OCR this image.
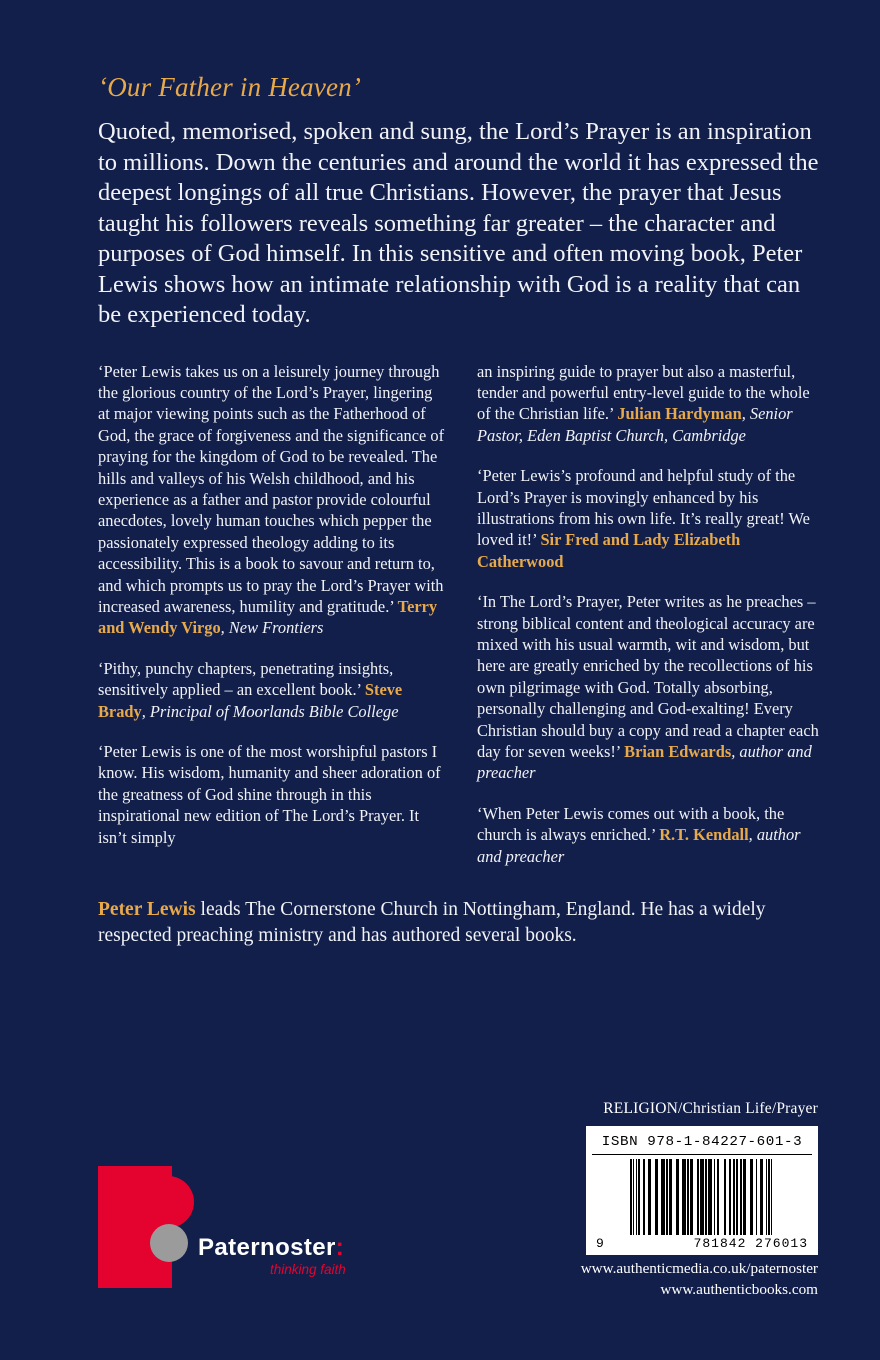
‘Our Father in Heaven’
Quoted, memorised, spoken and sung, the Lord’s Prayer is an inspiration to millions. Down the centuries and around the world it has expressed the deepest longings of all true Christians. However, the prayer that Jesus taught his followers reveals something far greater – the character and purposes of God himself. In this sensitive and often moving book, Peter Lewis shows how an intimate relationship with God is a reality that can be experienced today.

‘Peter Lewis takes us on a leisurely journey through the glorious country of the Lord’s Prayer, lingering at major viewing points such as the Fatherhood of God, the grace of forgiveness and the significance of praying for the kingdom of God to be revealed. The hills and valleys of his Welsh childhood, and his experience as a father and pastor provide colourful anecdotes, lovely human touches which pepper the passionately expressed theology adding to its accessibility. This is a book to savour and return to, and which prompts us to pray the Lord’s Prayer with increased awareness, humility and gratitude.’ Terry and Wendy Virgo, New Frontiers

‘Pithy, punchy chapters, penetrating insights, sensitively applied – an excellent book.’ Steve Brady, Principal of Moorlands Bible College

‘Peter Lewis is one of the most worshipful pastors I know. His wisdom, humanity and sheer adoration of the greatness of God shine through in this inspirational new edition of The Lord’s Prayer. It isn’t simply

an inspiring guide to prayer but also a masterful, tender and powerful entry-level guide to the whole of the Christian life.’ Julian Hardyman, Senior Pastor, Eden Baptist Church, Cambridge

‘Peter Lewis’s profound and helpful study of the Lord’s Prayer is movingly enhanced by his illustrations from his own life. It’s really great! We loved it!’ Sir Fred and Lady Elizabeth Catherwood

‘In The Lord’s Prayer, Peter writes as he preaches – strong biblical content and theological accuracy are mixed with his usual warmth, wit and wisdom, but here are greatly enriched by the recollections of his own pilgrimage with God. Totally absorbing, personally challenging and God-exalting! Every Christian should buy a copy and read a chapter each day for seven weeks!’ Brian Edwards, author and preacher

‘When Peter Lewis comes out with a book, the church is always enriched.’ R.T. Kendall, author and preacher

Peter Lewis leads The Cornerstone Church in Nottingham, England. He has a widely respected preaching ministry and has authored several books.
Paternoster:
thinking faith
RELIGION/Christian Life/Prayer
ISBN 978-1-84227-601-3
9	781842 276013
www.authenticmedia.co.uk/paternoster
www.authenticbooks.com
